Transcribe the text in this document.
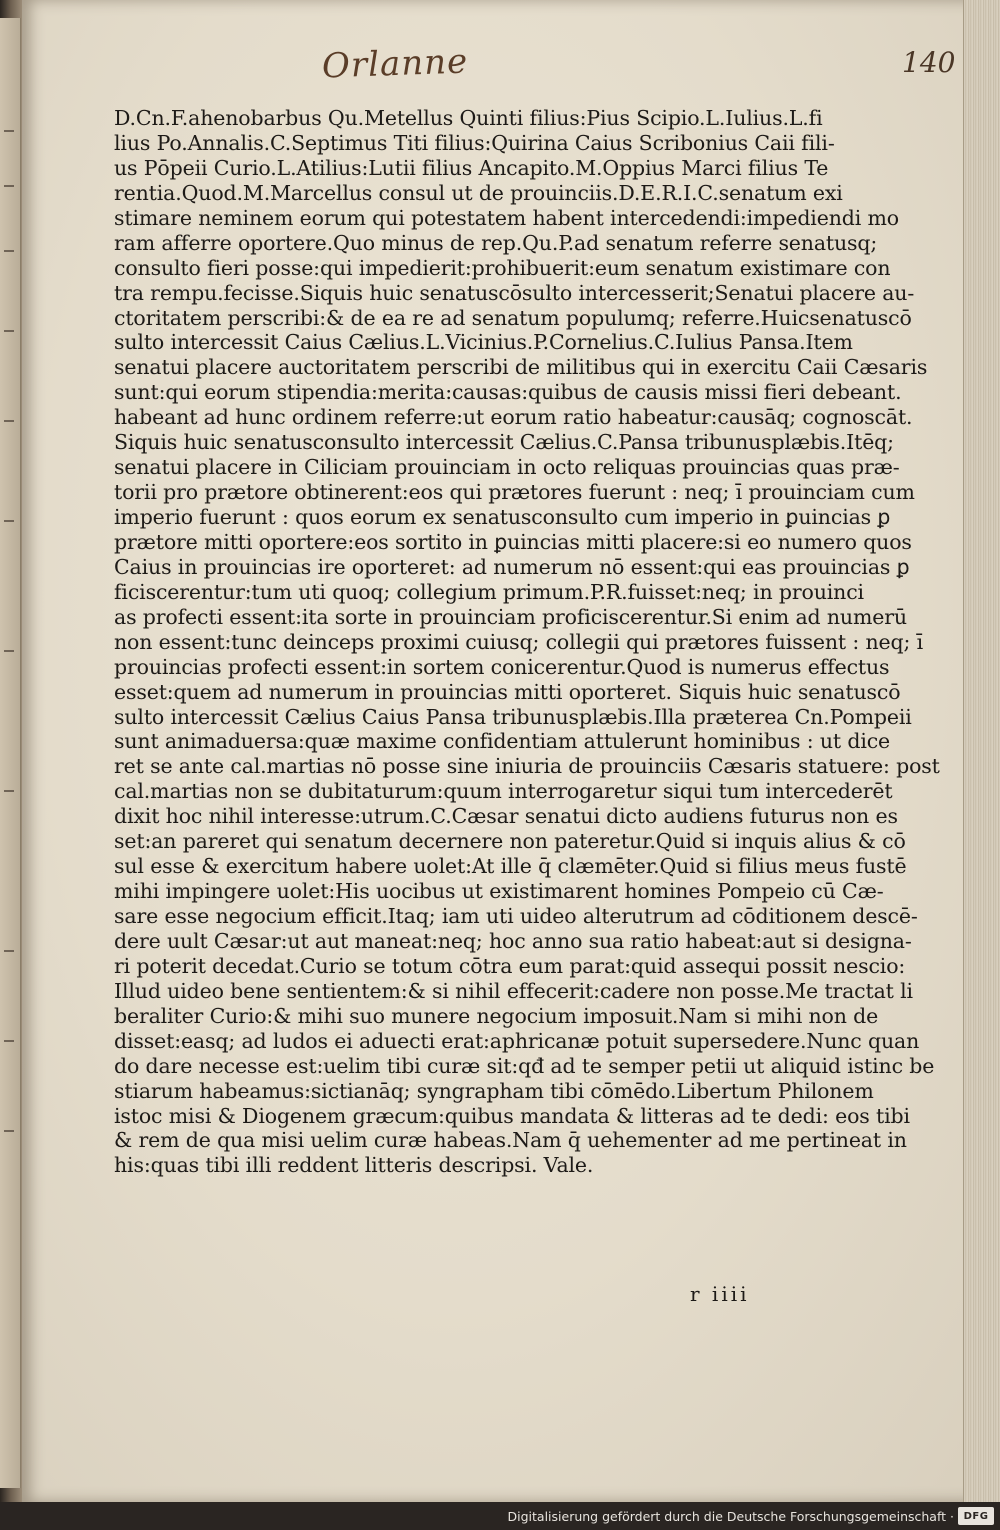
Orlanne	140
D.Cn.F.ahenobarbus Qu.Metellus Quinti filius:Pius Scipio.L.Iulius.L.fi
lius Po.Annalis.C.Septimus Titi filius:Quirina Caius Scribonius Caii fili-
us Pōpeii Curio.L.Atilius:Lutii filius Ancapito.M.Oppius Marci filius Te
rentia.Quod.M.Marcellus consul ut de prouinciis.D.E.R.I.C.senatum exi
stimare neminem eorum qui potestatem habent intercedendi:impediendi mo
ram afferre oportere.Quo minus de rep.Qu.P.ad senatum referre senatusq;
consulto fieri posse:qui impedierit:prohibuerit:eum senatum existimare con
tra rempu.fecisse.Siquis huic senatuscōsulto intercesserit;Senatui placere au-
ctoritatem perscribi:& de ea re ad senatum populumq; referre.Huicsenatuscō
sulto intercessit Caius Cælius.L.Vicinius.P.Cornelius.C.Iulius Pansa.Item
senatui placere auctoritatem perscribi de militibus qui in exercitu Caii Cæsaris
sunt:qui eorum stipendia:merita:causas:quibus de causis missi fieri debeant.
habeant ad hunc ordinem referre:ut eorum ratio habeatur:causāq; cognoscāt.
Siquis huic senatusconsulto intercessit Cælius.C.Pansa tribunusplæbis.Itēq;
senatui placere in Ciliciam prouinciam in octo reliquas prouincias quas præ-
torii pro prætore obtinerent:eos qui prætores fuerunt : neq; ī prouinciam cum
imperio fuerunt : quos eorum ex senatusconsulto cum imperio in ꝑuincias ꝑ
prætore mitti oportere:eos sortito in ꝑuincias mitti placere:si eo numero quos
Caius in prouincias ire oporteret: ad numerum nō essent:qui eas prouincias ꝑ
ficiscerentur:tum uti quoq; collegium primum.P.R.fuisset:neq; in prouinci
as profecti essent:ita sorte in prouinciam proficiscerentur.Si enim ad numerū
non essent:tunc deinceps proximi cuiusq; collegii qui prætores fuissent : neq; ī
prouincias profecti essent:in sortem conicerentur.Quod is numerus effectus
esset:quem ad numerum in prouincias mitti oporteret. Siquis huic senatuscō
sulto intercessit Cælius Caius Pansa tribunusplæbis.Illa præterea Cn.Pompeii
sunt animaduersa:quæ maxime confidentiam attulerunt hominibus : ut dice
ret se ante cal.martias nō posse sine iniuria de prouinciis Cæsaris statuere: post
cal.martias non se dubitaturum:quum interrogaretur siqui tum intercederēt
dixit hoc nihil interesse:utrum.C.Cæsar senatui dicto audiens futurus non es
set:an pareret qui senatum decernere non pateretur.Quid si inquis alius & cō
sul esse & exercitum habere uolet:At ille q̄ clæmēter.Quid si filius meus fustē
mihi impingere uolet:His uocibus ut existimarent homines Pompeio cū Cæ-
sare esse negocium efficit.Itaq; iam uti uideo alterutrum ad cōditionem descē-
dere uult Cæsar:ut aut maneat:neq; hoc anno sua ratio habeat:aut si designa-
ri poterit decedat.Curio se totum cōtra eum parat:quid assequi possit nescio:
Illud uideo bene sentientem:& si nihil effecerit:cadere non posse.Me tractat li
beraliter Curio:& mihi suo munere negocium imposuit.Nam si mihi non de
disset:easq; ad ludos ei aduecti erat:aphricanæ potuit supersedere.Nunc quan
do dare necesse est:uelim tibi curæ sit:qđ ad te semper petii ut aliquid istinc be
stiarum habeamus:sictianāq; syngrapham tibi cōmēdo.Libertum Philonem
istoc misi & Diogenem græcum:quibus mandata & litteras ad te dedi: eos tibi
& rem de qua misi uelim curæ habeas.Nam q̄ uehementer ad me pertineat in
his:quas tibi illi reddent litteris descripsi. Vale.
r iiii
Digitalisierung gefördert durch die Deutsche Forschungsgemeinschaft · DFG
